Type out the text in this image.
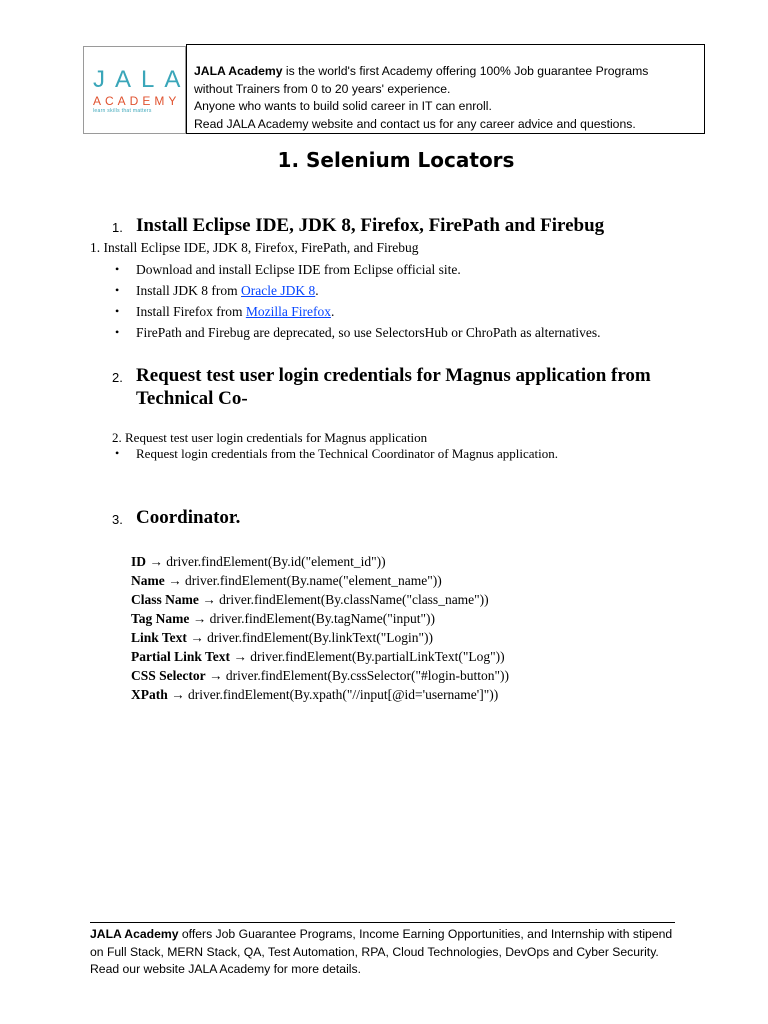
JALA
ACADEMY
learn skills that matters
JALA Academy is the world's first Academy offering 100% Job guarantee Programs
without Trainers from 0 to 20 years' experience.
Anyone who wants to build solid career in IT can enroll.
Read JALA Academy website and contact us for any career advice and questions.
1. Selenium Locators
1. Install Eclipse IDE, JDK 8, Firefox, FirePath and Firebug
1. Install Eclipse IDE, JDK 8, Firefox, FirePath, and Firebug
• Download and install Eclipse IDE from Eclipse official site.
• Install JDK 8 from Oracle JDK 8.
• Install Firefox from Mozilla Firefox.
• FirePath and Firebug are deprecated, so use SelectorsHub or ChroPath as alternatives.
2. Request test user login credentials for Magnus application from
Technical Co-
2. Request test user login credentials for Magnus application
• Request login credentials from the Technical Coordinator of Magnus application.
3. Coordinator.
ID → driver.findElement(By.id("element_id"))
Name → driver.findElement(By.name("element_name"))
Class Name → driver.findElement(By.className("class_name"))
Tag Name → driver.findElement(By.tagName("input"))
Link Text → driver.findElement(By.linkText("Login"))
Partial Link Text → driver.findElement(By.partialLinkText("Log"))
CSS Selector → driver.findElement(By.cssSelector("#login-button"))
XPath → driver.findElement(By.xpath("//input[@id='username']"))
JALA Academy offers Job Guarantee Programs, Income Earning Opportunities, and Internship with stipend on Full Stack, MERN Stack, QA, Test Automation, RPA, Cloud Technologies, DevOps and Cyber Security. Read our website JALA Academy for more details.
